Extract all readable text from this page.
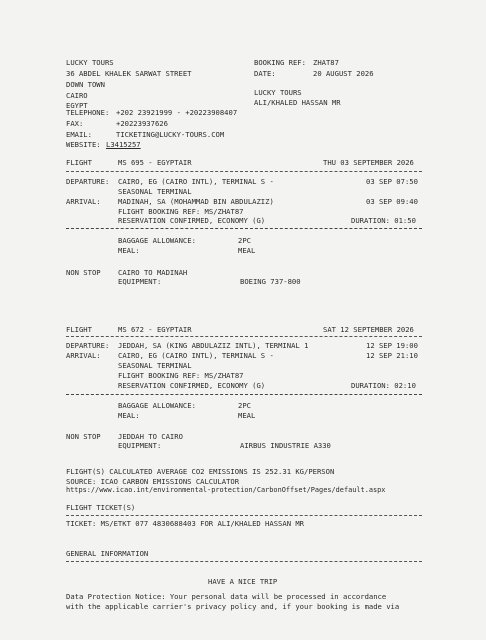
LUCKY TOURS
36 ABDEL KHALEK SARWAT STREET
DOWN TOWN
CAIRO
EGYPT
TELEPHONE: +202 23921999 - +20223908407
FAX:	+20223937626
EMAIL:	TICKETING@LUCKY-TOURS.COM
WEBSITE: L3415257
BOOKING REF: ZHAT87
DATE:	20 AUGUST 2026
LUCKY TOURS
ALI/KHALED HASSAN MR
FLIGHT	MS 695 - EGYPTAIR	THU 03 SEPTEMBER 2026
DEPARTURE: CAIRO, EG (CAIRO INTL), TERMINAL S -	03 SEP 07:50
SEASONAL TERMINAL
ARRIVAL: MADINAH, SA (MOHAMMAD BIN ABDULAZIZ)	03 SEP 09:40
FLIGHT BOOKING REF: MS/ZHAT87
RESERVATION CONFIRMED, ECONOMY (G)	DURATION: 01:50
BAGGAGE ALLOWANCE:	2PC
MEAL:	MEAL
NON STOP CAIRO TO MADINAH
EQUIPMENT:	BOEING 737-800
FLIGHT	MS 672 - EGYPTAIR	SAT 12 SEPTEMBER 2026
DEPARTURE: JEDDAH, SA (KING ABDULAZIZ INTL), TERMINAL 1	12 SEP 19:00
ARRIVAL: CAIRO, EG (CAIRO INTL), TERMINAL S -	12 SEP 21:10
SEASONAL TERMINAL
FLIGHT BOOKING REF: MS/ZHAT87
RESERVATION CONFIRMED, ECONOMY (G)	DURATION: 02:10
BAGGAGE ALLOWANCE:	2PC
MEAL:	MEAL
NON STOP JEDDAH TO CAIRO
EQUIPMENT:	AIRBUS INDUSTRIE A330
FLIGHT(S) CALCULATED AVERAGE CO2 EMISSIONS IS 252.31 KG/PERSON
SOURCE: ICAO CARBON EMISSIONS CALCULATOR
https://www.icao.int/environmental-protection/CarbonOffset/Pages/default.aspx
FLIGHT TICKET(S)
TICKET: MS/ETKT 077 4830688403 FOR ALI/KHALED HASSAN MR
GENERAL INFORMATION
HAVE A NICE TRIP
Data Protection Notice: Your personal data will be processed in accordance
with the applicable carrier's privacy policy and, if your booking is made via
